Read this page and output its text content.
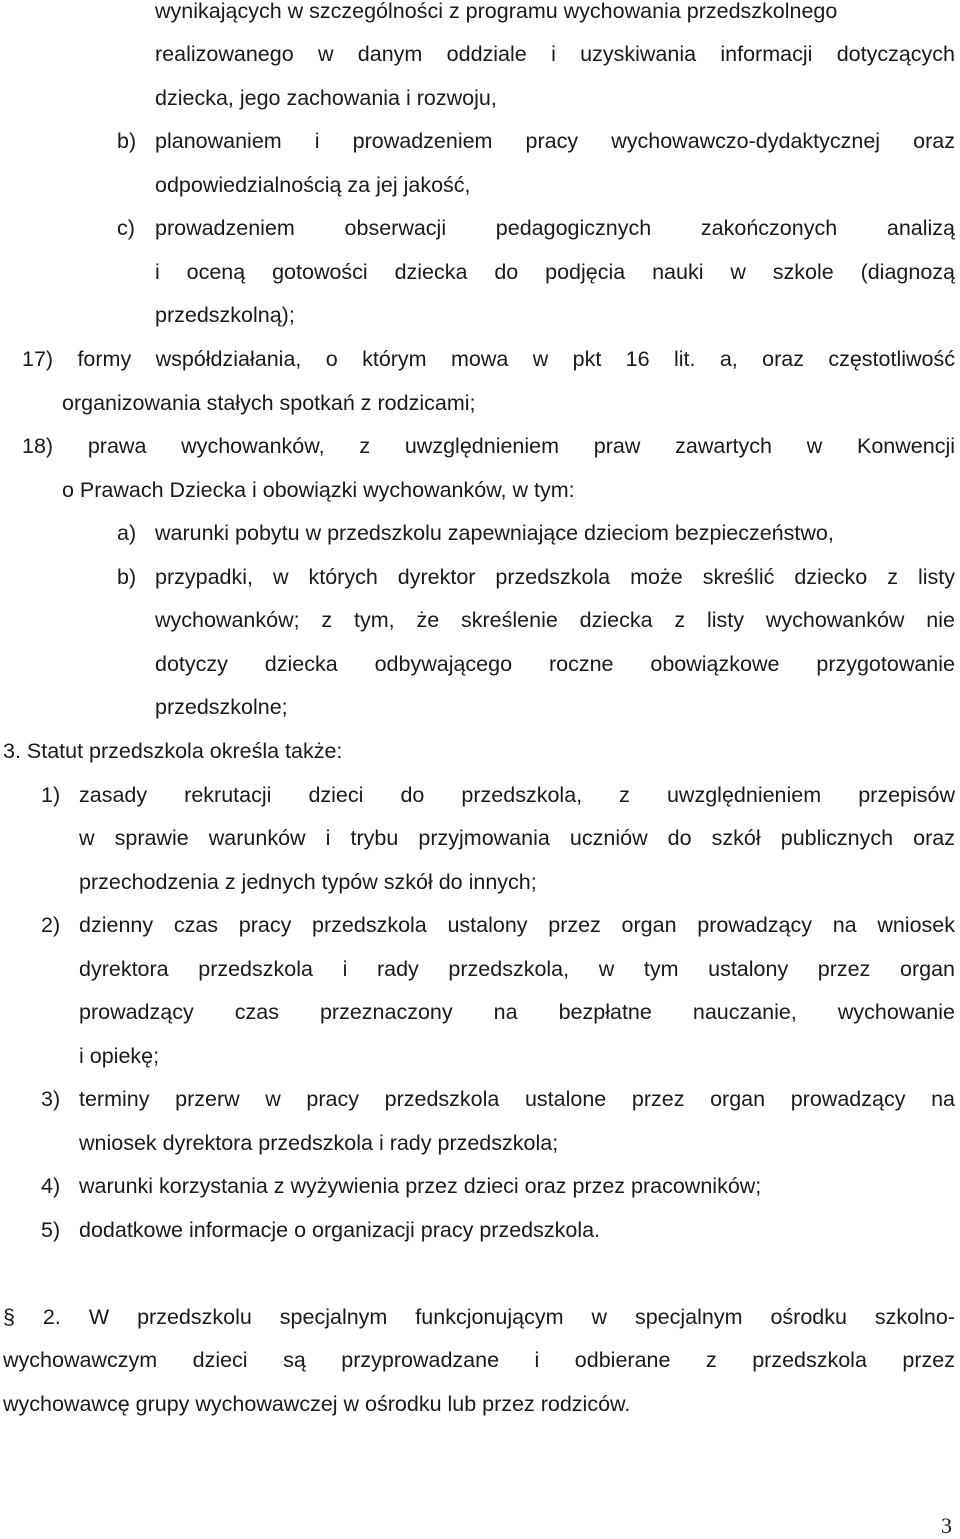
wynikających w szczególności z programu wychowania przedszkolnego
realizowanego w danym oddziale i uzyskiwania informacji dotyczących
dziecka, jego zachowania i rozwoju,
b) planowaniem i prowadzeniem pracy wychowawczo-dydaktycznej oraz
odpowiedzialnością za jej jakość,
c) prowadzeniem obserwacji pedagogicznych zakończonych analizą
i oceną gotowości dziecka do podjęcia nauki w szkole (diagnozą
przedszkolną);
17) formy współdziałania, o którym mowa w pkt 16 lit. a, oraz częstotliwość
organizowania stałych spotkań z rodzicami;
18) prawa wychowanków, z uwzględnieniem praw zawartych w Konwencji
o Prawach Dziecka i obowiązki wychowanków, w tym:
a) warunki pobytu w przedszkolu zapewniające dzieciom bezpieczeństwo,
b) przypadki, w których dyrektor przedszkola może skreślić dziecko z listy
wychowanków; z tym, że skreślenie dziecka z listy wychowanków nie
dotyczy dziecka odbywającego roczne obowiązkowe przygotowanie
przedszkolne;
3. Statut przedszkola określa także:
1) zasady rekrutacji dzieci do przedszkola, z uwzględnieniem przepisów
w sprawie warunków i trybu przyjmowania uczniów do szkół publicznych oraz
przechodzenia z jednych typów szkół do innych;
2) dzienny czas pracy przedszkola ustalony przez organ prowadzący na wniosek
dyrektora przedszkola i rady przedszkola, w tym ustalony przez organ
prowadzący czas przeznaczony na bezpłatne nauczanie, wychowanie
i opiekę;
3) terminy przerw w pracy przedszkola ustalone przez organ prowadzący na
wniosek dyrektora przedszkola i rady przedszkola;
4) warunki korzystania z wyżywienia przez dzieci oraz przez pracowników;
5) dodatkowe informacje o organizacji pracy przedszkola.
§ 2. W przedszkolu specjalnym funkcjonującym w specjalnym ośrodku szkolno-
wychowawczym dzieci są przyprowadzane i odbierane z przedszkola przez
wychowawcę grupy wychowawczej w ośrodku lub przez rodziców.
3
